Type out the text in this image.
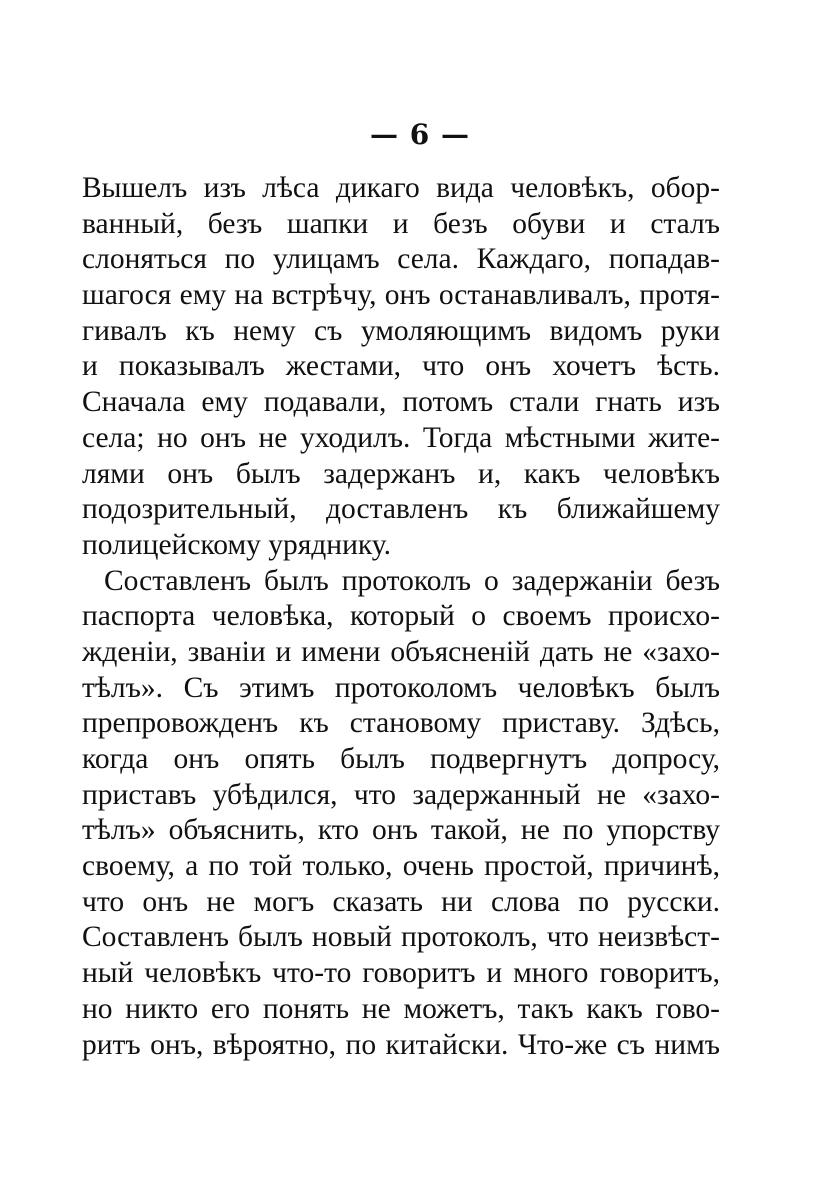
— 6 —
Вышелъ изъ лѣса дикаго вида человѣкъ, обор-
ванный, безъ шапки и безъ обуви и сталъ
слоняться по улицамъ села. Каждаго, попадав-
шагося ему на встрѣчу, онъ останавливалъ, протя-
гивалъ къ нему съ умоляющимъ видомъ руки
и показывалъ жестами, что онъ хочетъ ѣсть.
Сначала ему подавали, потомъ стали гнать изъ
села; но онъ не уходилъ. Тогда мѣстными жите-
лями онъ былъ задержанъ и, какъ человѣкъ
подозрительный, доставленъ къ ближайшему
полицейскому уряднику.
Составленъ былъ протоколъ о задержанiи безъ
паспорта человѣка, который о своемъ происхо-
жденiи, званiи и имени объясненiй дать не «захо-
тѣлъ». Съ этимъ протоколомъ человѣкъ былъ
препровожденъ къ становому приставу. Здѣсь,
когда онъ опять былъ подвергнутъ допросу,
приставъ убѣдился, что задержанный не «захо-
тѣлъ» объяснить, кто онъ такой, не по упорству
своему, а по той только, очень простой, причинѣ,
что онъ не могъ сказать ни слова по русски.
Составленъ былъ новый протоколъ, что неизвѣст-
ный человѣкъ что-то говоритъ и много говоритъ,
но никто его понять не можетъ, такъ какъ гово-
ритъ онъ, вѣроятно, по китайски. Что-же съ нимъ
